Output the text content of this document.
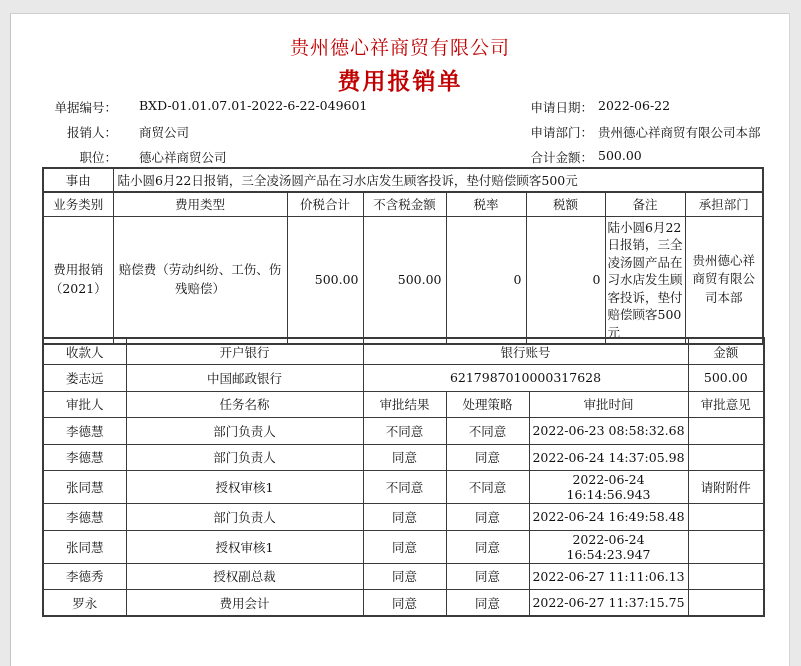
贵州德心祥商贸有限公司
费用报销单
单据编号： BXD-01.01.07.01-2022-6-22-049601	申请日期： 2022-06-22
报销人： 商贸公司	申请部门： 贵州德心祥商贸有限公司本部
职位： 德心祥商贸公司	合计金额： 500.00
事由	陆小圆6月22日报销，三全凌汤圆产品在习水店发生顾客投诉，垫付赔偿顾客500元						
业务类别	费用类型	价税合计	不含税金额	税率	税额	备注	承担部门
费用报销（2021）	赔偿费（劳动纠纷、工伤、伤残赔偿）	500.00	500.00	0	0	陆小圆6月22日报销，三全凌汤圆产品在习水店发生顾客投诉，垫付赔偿顾客500元	贵州德心祥商贸有限公司本部
收款人	开户银行	银行账号			金额
娄志远	中国邮政银行	6217987010000317628			500.00
审批人	任务名称	审批结果	处理策略	审批时间	审批意见
李德慧	部门负责人	不同意	不同意	2022-06-23 08:58:32.68	
李德慧	部门负责人	同意	同意	2022-06-24 14:37:05.98	
张同慧	授权审核1	不同意	不同意	2022-06-24 16:14:56.943	请附附件
李德慧	部门负责人	同意	同意	2022-06-24 16:49:58.48	
张同慧	授权审核1	同意	同意	2022-06-24 16:54:23.947	
李德秀	授权副总裁	同意	同意	2022-06-27 11:11:06.13	
罗永	费用会计	同意	同意	2022-06-27 11:37:15.75	
